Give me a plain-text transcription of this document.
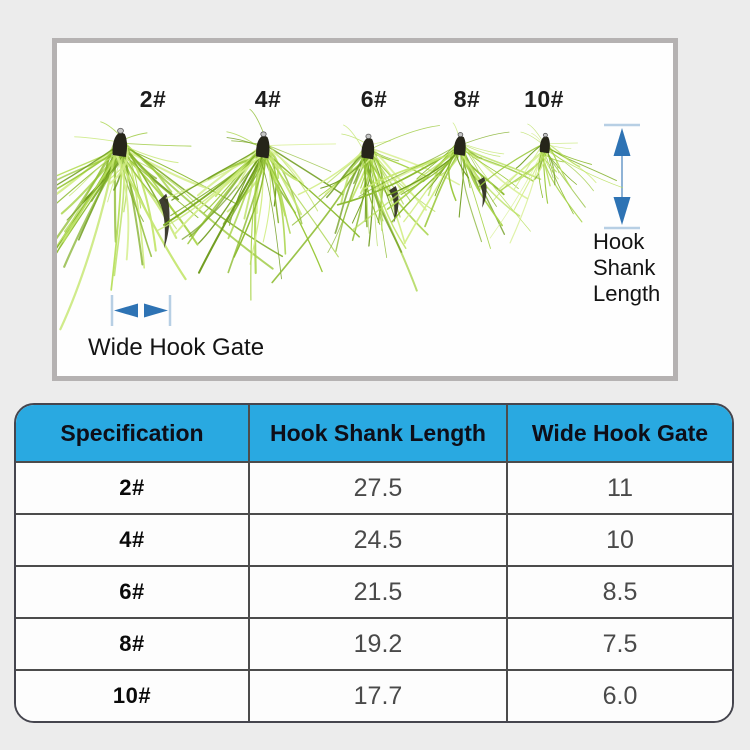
2#	4#	6#	8#	10#
Hook Shank Length
Wide Hook Gate
Specification	Hook Shank Length	Wide Hook Gate
2#	27.5	11
4#	24.5	10
6#	21.5	8.5
8#	19.2	7.5
10#	17.7	6.0
